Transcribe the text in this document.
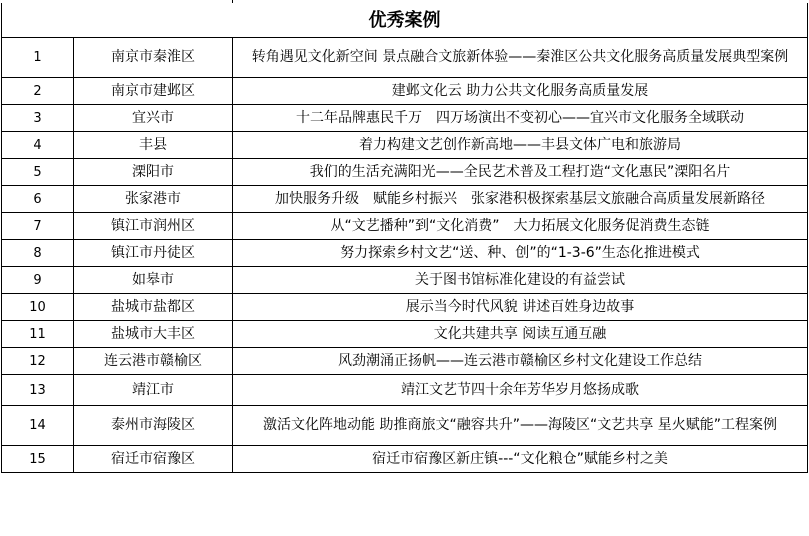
优秀案例		
1	南京市秦淮区	转角遇见文化新空间 景点融合文旅新体验——秦淮区公共文化服务高质量发展典型案例
2	南京市建邺区	建邺文化云 助力公共文化服务高质量发展
3	宜兴市	十二年品牌惠民千万　四万场演出不变初心——宜兴市文化服务全域联动
4	丰县	着力构建文艺创作新高地——丰县文体广电和旅游局
5	溧阳市	我们的生活充满阳光——全民艺术普及工程打造“文化惠民”溧阳名片
6	张家港市	加快服务升级　赋能乡村振兴　张家港积极探索基层文旅融合高质量发展新路径
7	镇江市润州区	从“文艺播种”到“文化消费”　大力拓展文化服务促消费生态链
8	镇江市丹徒区	努力探索乡村文艺“送、种、创”的“1-3-6”生态化推进模式
9	如皋市	关于图书馆标准化建设的有益尝试
10	盐城市盐都区	展示当今时代风貌 讲述百姓身边故事
11	盐城市大丰区	文化共建共享 阅读互通互融
12	连云港市赣榆区	风劲潮涌正扬帆——连云港市赣榆区乡村文化建设工作总结
13	靖江市	靖江文艺节四十余年芳华岁月悠扬成歌
14	泰州市海陵区	激活文化阵地动能 助推商旅文“融容共升”——海陵区“文艺共享 星火赋能”工程案例
15	宿迁市宿豫区	宿迁市宿豫区新庄镇---“文化粮仓”赋能乡村之美
